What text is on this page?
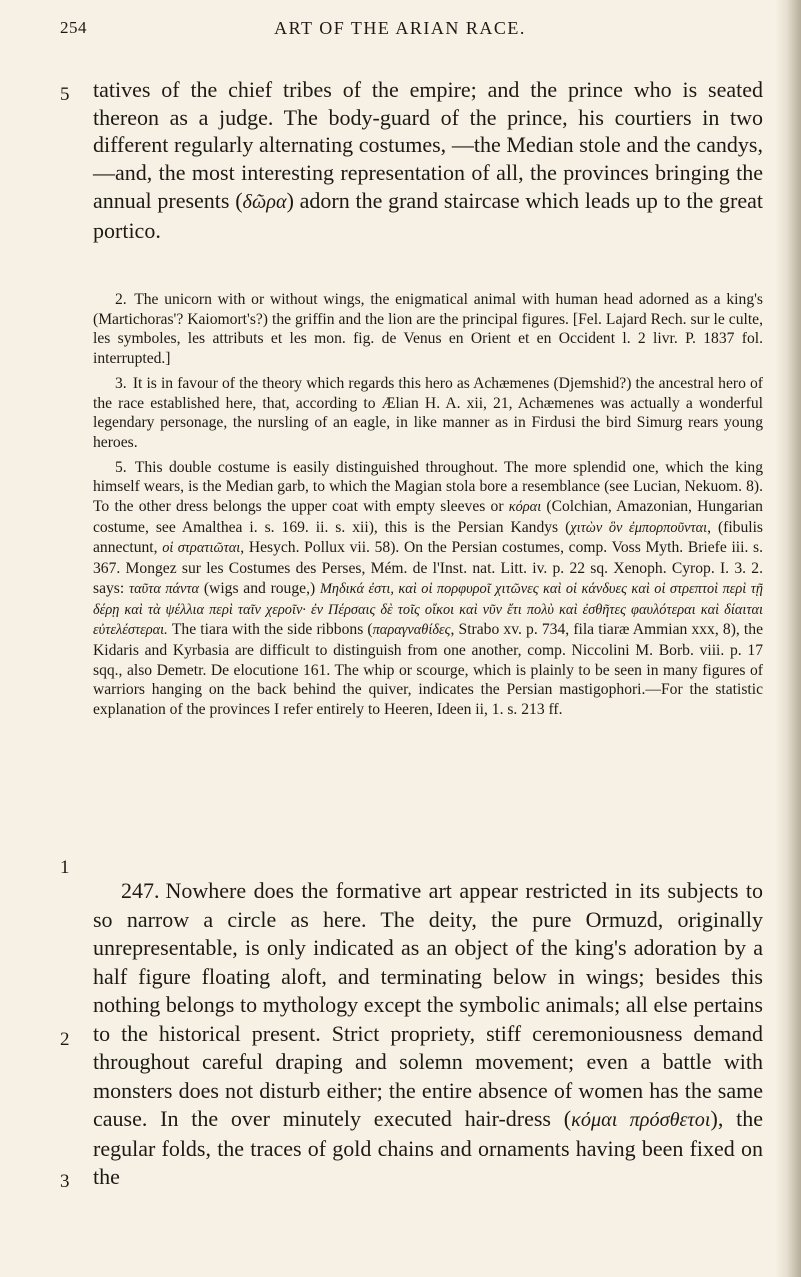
254	ART OF THE ARIAN RACE.
5 tatives of the chief tribes of the empire; and the prince who is seated thereon as a judge. The body-guard of the prince, his courtiers in two different regularly alternating costumes, —the Median stole and the candys,—and, the most interesting representation of all, the provinces bringing the annual presents (δῶρα) adorn the grand staircase which leads up to the great portico.

2. The unicorn with or without wings, the enigmatical animal with human head adorned as a king's (Martichoras'? Kaiomort's?) the griffin and the lion are the principal figures. [Fel. Lajard Rech. sur le culte, les symboles, les attributs et les mon. fig. de Venus en Orient et en Occident l. 2 livr. P. 1837 fol. interrupted.]

3. It is in favour of the theory which regards this hero as Achæmenes (Djemshid?) the ancestral hero of the race established here, that, according to Ælian H. A. xii, 21, Achæmenes was actually a wonderful legendary personage, the nursling of an eagle, in like manner as in Firdusi the bird Simurg rears young heroes.

5. This double costume is easily distinguished throughout. The more splendid one, which the king himself wears, is the Median garb, to which the Magian stola bore a resemblance (see Lucian, Nekuom. 8). To the other dress belongs the upper coat with empty sleeves or κόραι (Colchian, Amazonian, Hungarian costume, see Amalthea i. s. 169. ii. s. xii), this is the Persian Kandys (χιτὼν ὃν ἐμπορποῦνται, (fibulis annectunt, οἱ στρατιῶται, Hesych. Pollux vii. 58). On the Persian costumes, comp. Voss Myth. Briefe iii. s. 367. Mongez sur les Costumes des Perses, Mém. de l'Inst. nat. Litt. iv. p. 22 sq. Xenoph. Cyrop. I. 3. 2. says: ταῦτα πάντα (wigs and rouge,) Μηδικά ἐστι, καὶ οἱ πορφυροῖ χιτῶνες καὶ οἱ κάνδυες καὶ οἱ στρεπτοὶ περὶ τῇ δέρῃ καὶ τὰ ψέλλια περὶ ταῖν χεροῖν· ἐν Πέρσαις δὲ τοῖς οἴκοι καὶ νῦν ἔτι πολὺ καὶ ἐσθῆτες φαυλότεραι καὶ δίαιται εὐτελέστεραι. The tiara with the side ribbons (παραγναθίδες, Strabo xv. p. 734, fila tiaræ Ammian xxx, 8), the Kidaris and Kyrbasia are difficult to distinguish from one another, comp. Niccolini M. Borb. viii. p. 17 sqq., also Demetr. De elocutione 161. The whip or scourge, which is plainly to be seen in many figures of warriors hanging on the back behind the quiver, indicates the Persian mastigophori.—For the statistic explanation of the provinces I refer entirely to Heeren, Ideen ii, 1. s. 213 ff.

1
2
3

247. Nowhere does the formative art appear restricted in its subjects to so narrow a circle as here. The deity, the pure Ormuzd, originally unrepresentable, is only indicated as an object of the king's adoration by a half figure floating aloft, and terminating below in wings; besides this nothing belongs to mythology except the symbolic animals; all else pertains to the historical present. Strict propriety, stiff ceremoniousness demand throughout careful draping and solemn movement; even a battle with monsters does not disturb either; the entire absence of women has the same cause. In the over minutely executed hair-dress (κόμαι πρόσθετοι), the regular folds, the traces of gold chains and ornaments having been fixed on the
